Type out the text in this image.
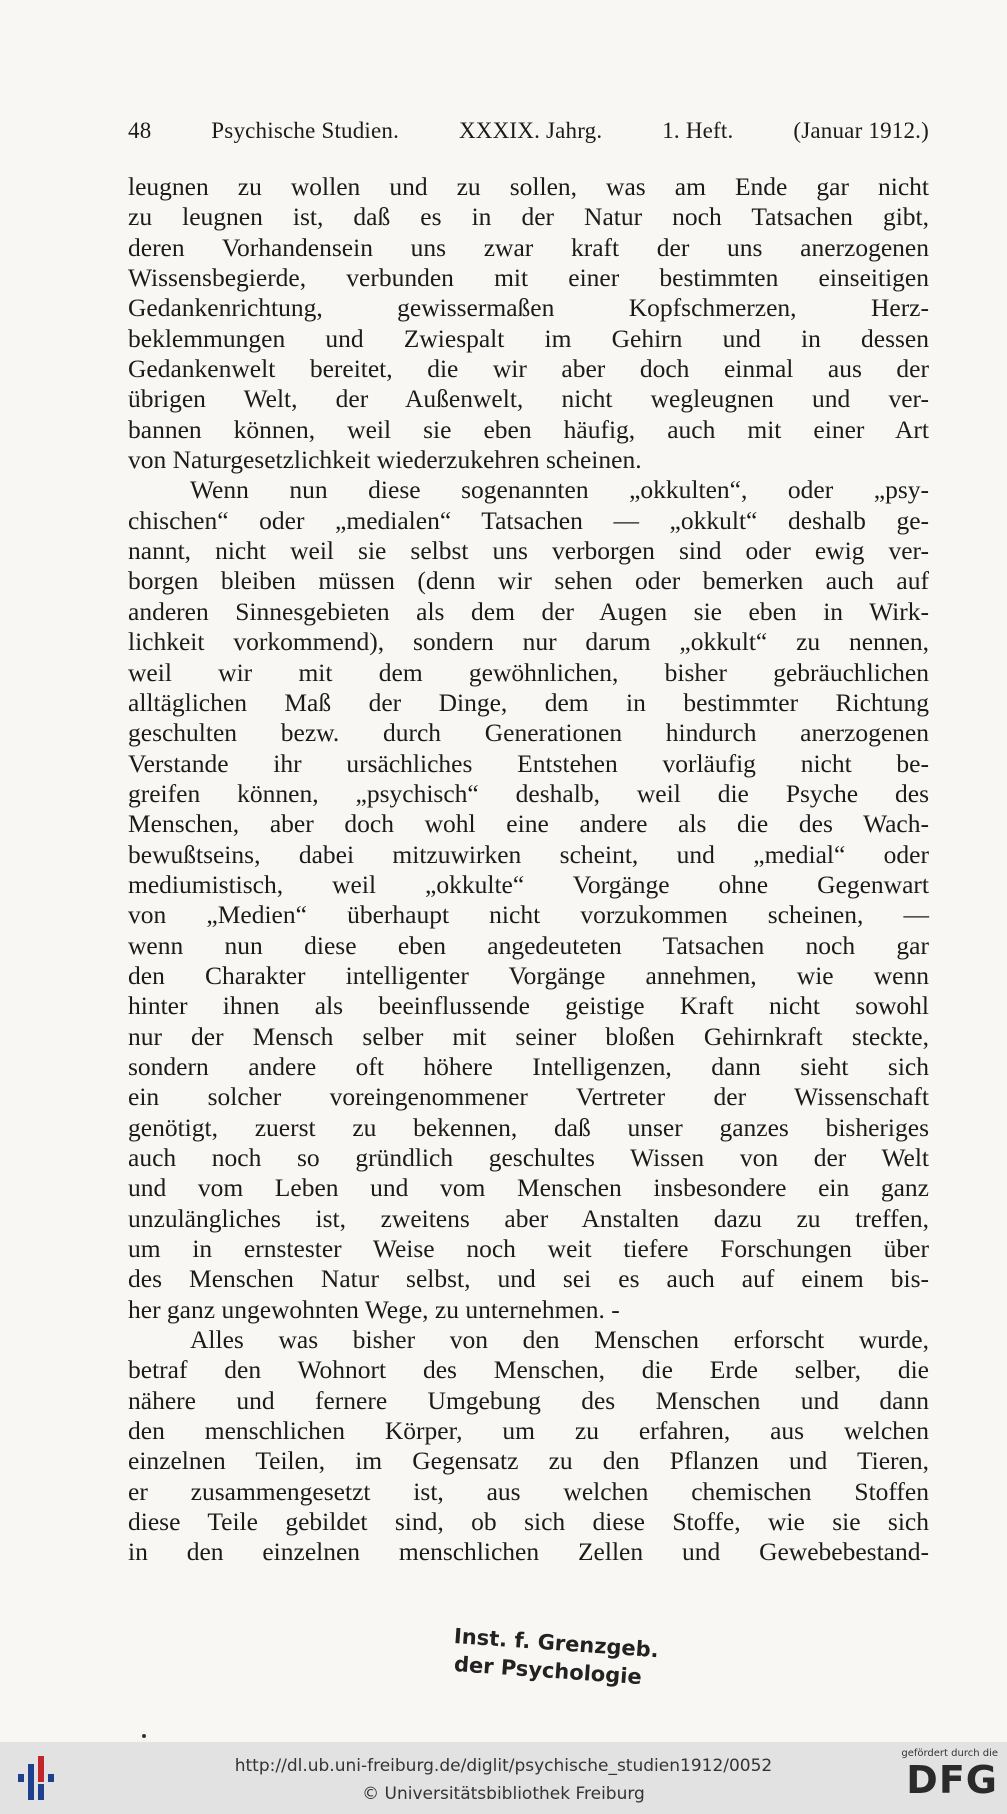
48	Psychische Studien.	XXXIX. Jahrg.	1. Heft.	(Januar 1912.)
leugnen zu wollen und zu sollen, was am Ende gar nicht
zu leugnen ist, daß es in der Natur noch Tatsachen gibt,
deren Vorhandensein uns zwar kraft der uns anerzogenen
Wissensbegierde, verbunden mit einer bestimmten einseitigen
Gedankenrichtung, gewissermaßen Kopfschmerzen, Herz-
beklemmungen und Zwiespalt im Gehirn und in dessen
Gedankenwelt bereitet, die wir aber doch einmal aus der
übrigen Welt, der Außenwelt, nicht wegleugnen und ver-
bannen können, weil sie eben häufig, auch mit einer Art
von Naturgesetzlichkeit wiederzukehren scheinen.
Wenn nun diese sogenannten „okkulten“, oder „psy-
chischen“ oder „medialen“ Tatsachen — „okkult“ deshalb ge-
nannt, nicht weil sie selbst uns verborgen sind oder ewig ver-
borgen bleiben müssen (denn wir sehen oder bemerken auch auf
anderen Sinnesgebieten als dem der Augen sie eben in Wirk-
lichkeit vorkommend), sondern nur darum „okkult“ zu nennen,
weil wir mit dem gewöhnlichen, bisher gebräuchlichen
alltäglichen Maß der Dinge, dem in bestimmter Richtung
geschulten bezw. durch Generationen hindurch anerzogenen
Verstande ihr ursächliches Entstehen vorläufig nicht be-
greifen können, „psychisch“ deshalb, weil die Psyche des
Menschen, aber doch wohl eine andere als die des Wach-
bewußtseins, dabei mitzuwirken scheint, und „medial“ oder
mediumistisch, weil „okkulte“ Vorgänge ohne Gegenwart
von „Medien“ überhaupt nicht vorzukommen scheinen, —
wenn nun diese eben angedeuteten Tatsachen noch gar
den Charakter intelligenter Vorgänge annehmen, wie wenn
hinter ihnen als beeinflussende geistige Kraft nicht sowohl
nur der Mensch selber mit seiner bloßen Gehirnkraft steckte,
sondern andere oft höhere Intelligenzen, dann sieht sich
ein solcher voreingenommener Vertreter der Wissenschaft
genötigt, zuerst zu bekennen, daß unser ganzes bisheriges
auch noch so gründlich geschultes Wissen von der Welt
und vom Leben und vom Menschen insbesondere ein ganz
unzulängliches ist, zweitens aber Anstalten dazu zu treffen,
um in ernstester Weise noch weit tiefere Forschungen über
des Menschen Natur selbst, und sei es auch auf einem bis-
her ganz ungewohnten Wege, zu unternehmen. -
Alles was bisher von den Menschen erforscht wurde,
betraf den Wohnort des Menschen, die Erde selber, die
nähere und fernere Umgebung des Menschen und dann
den menschlichen Körper, um zu erfahren, aus welchen
einzelnen Teilen, im Gegensatz zu den Pflanzen und Tieren,
er zusammengesetzt ist, aus welchen chemischen Stoffen
diese Teile gebildet sind, ob sich diese Stoffe, wie sie sich
in den einzelnen menschlichen Zellen und Gewebebestand-
Inst. f. Grenzgeb.
der Psychologie
http://dl.ub.uni-freiburg.de/diglit/psychische_studien1912/0052
© Universitätsbibliothek Freiburg
gefördert durch die
DFG
